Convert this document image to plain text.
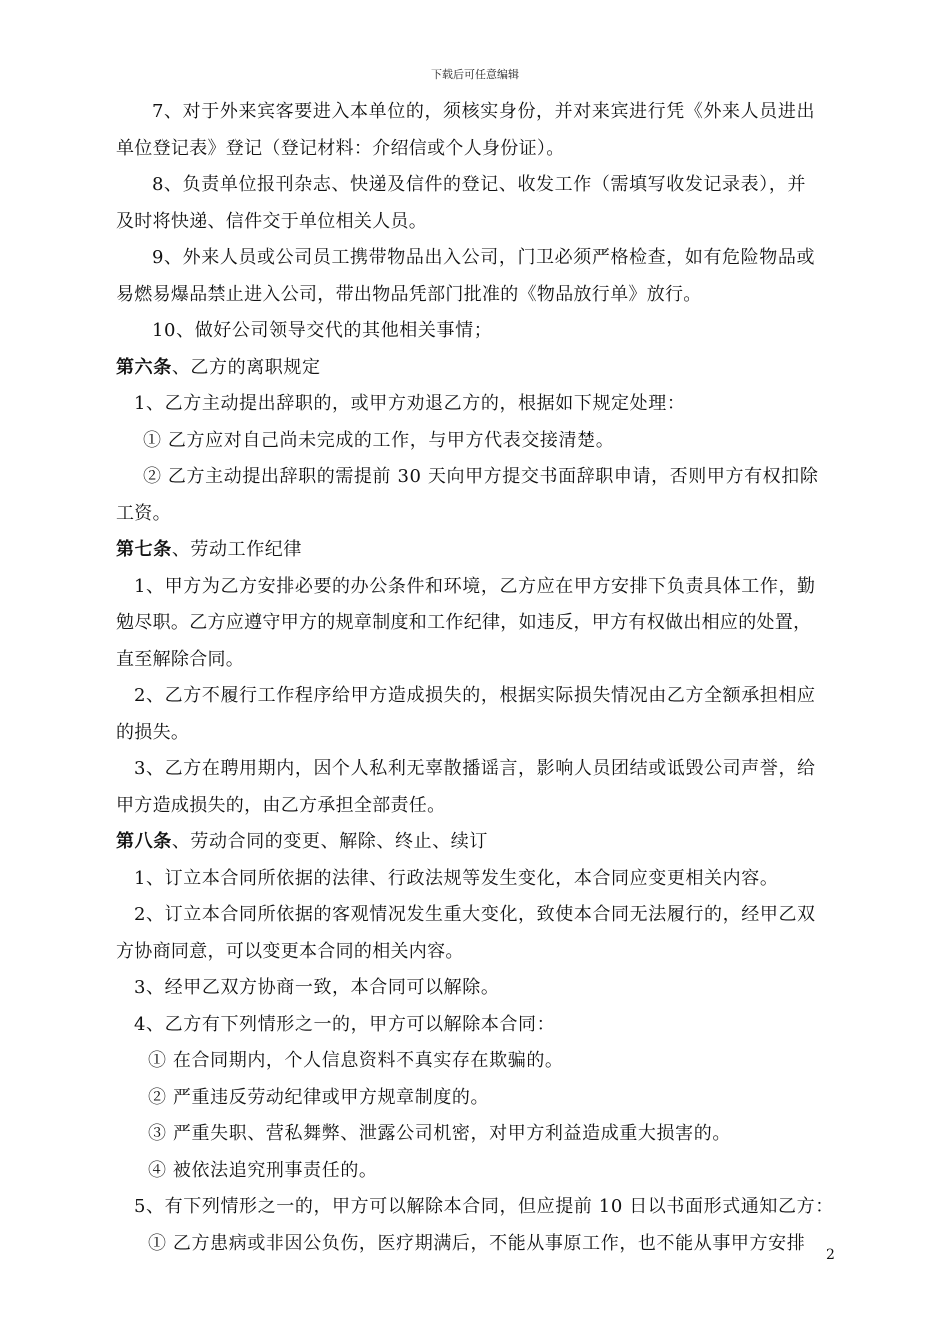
下载后可任意编辑
7、对于外来宾客要进入本单位的，须核实身份，并对来宾进行凭《外来人员进出
单位登记表》登记（登记材料：介绍信或个人身份证）。
8、负责单位报刊杂志、快递及信件的登记、收发工作（需填写收发记录表），并
及时将快递、信件交于单位相关人员。
9、外来人员或公司员工携带物品出入公司，门卫必须严格检查，如有危险物品或
易燃易爆品禁止进入公司，带出物品凭部门批准的《物品放行单》放行。
10、做好公司领导交代的其他相关事情；
第六条、乙方的离职规定
1、乙方主动提出辞职的，或甲方劝退乙方的，根据如下规定处理：
① 乙方应对自己尚未完成的工作，与甲方代表交接清楚。
② 乙方主动提出辞职的需提前 30 天向甲方提交书面辞职申请，否则甲方有权扣除
工资。
第七条、劳动工作纪律
1、甲方为乙方安排必要的办公条件和环境，乙方应在甲方安排下负责具体工作，勤
勉尽职。乙方应遵守甲方的规章制度和工作纪律，如违反，甲方有权做出相应的处置，
直至解除合同。
2、乙方不履行工作程序给甲方造成损失的，根据实际损失情况由乙方全额承担相应
的损失。
3、乙方在聘用期内，因个人私利无辜散播谣言，影响人员团结或诋毁公司声誉，给
甲方造成损失的，由乙方承担全部责任。
第八条、劳动合同的变更、解除、终止、续订
1、订立本合同所依据的法律、行政法规等发生变化，本合同应变更相关内容。
2、订立本合同所依据的客观情况发生重大变化，致使本合同无法履行的，经甲乙双
方协商同意，可以变更本合同的相关内容。
3、经甲乙双方协商一致，本合同可以解除。
4、乙方有下列情形之一的，甲方可以解除本合同：
① 在合同期内，个人信息资料不真实存在欺骗的。
② 严重违反劳动纪律或甲方规章制度的。
③ 严重失职、营私舞弊、泄露公司机密，对甲方利益造成重大损害的。
④ 被依法追究刑事责任的。
5、有下列情形之一的，甲方可以解除本合同，但应提前 10 日以书面形式通知乙方：
① 乙方患病或非因公负伤，医疗期满后，不能从事原工作，也不能从事甲方安排
2
